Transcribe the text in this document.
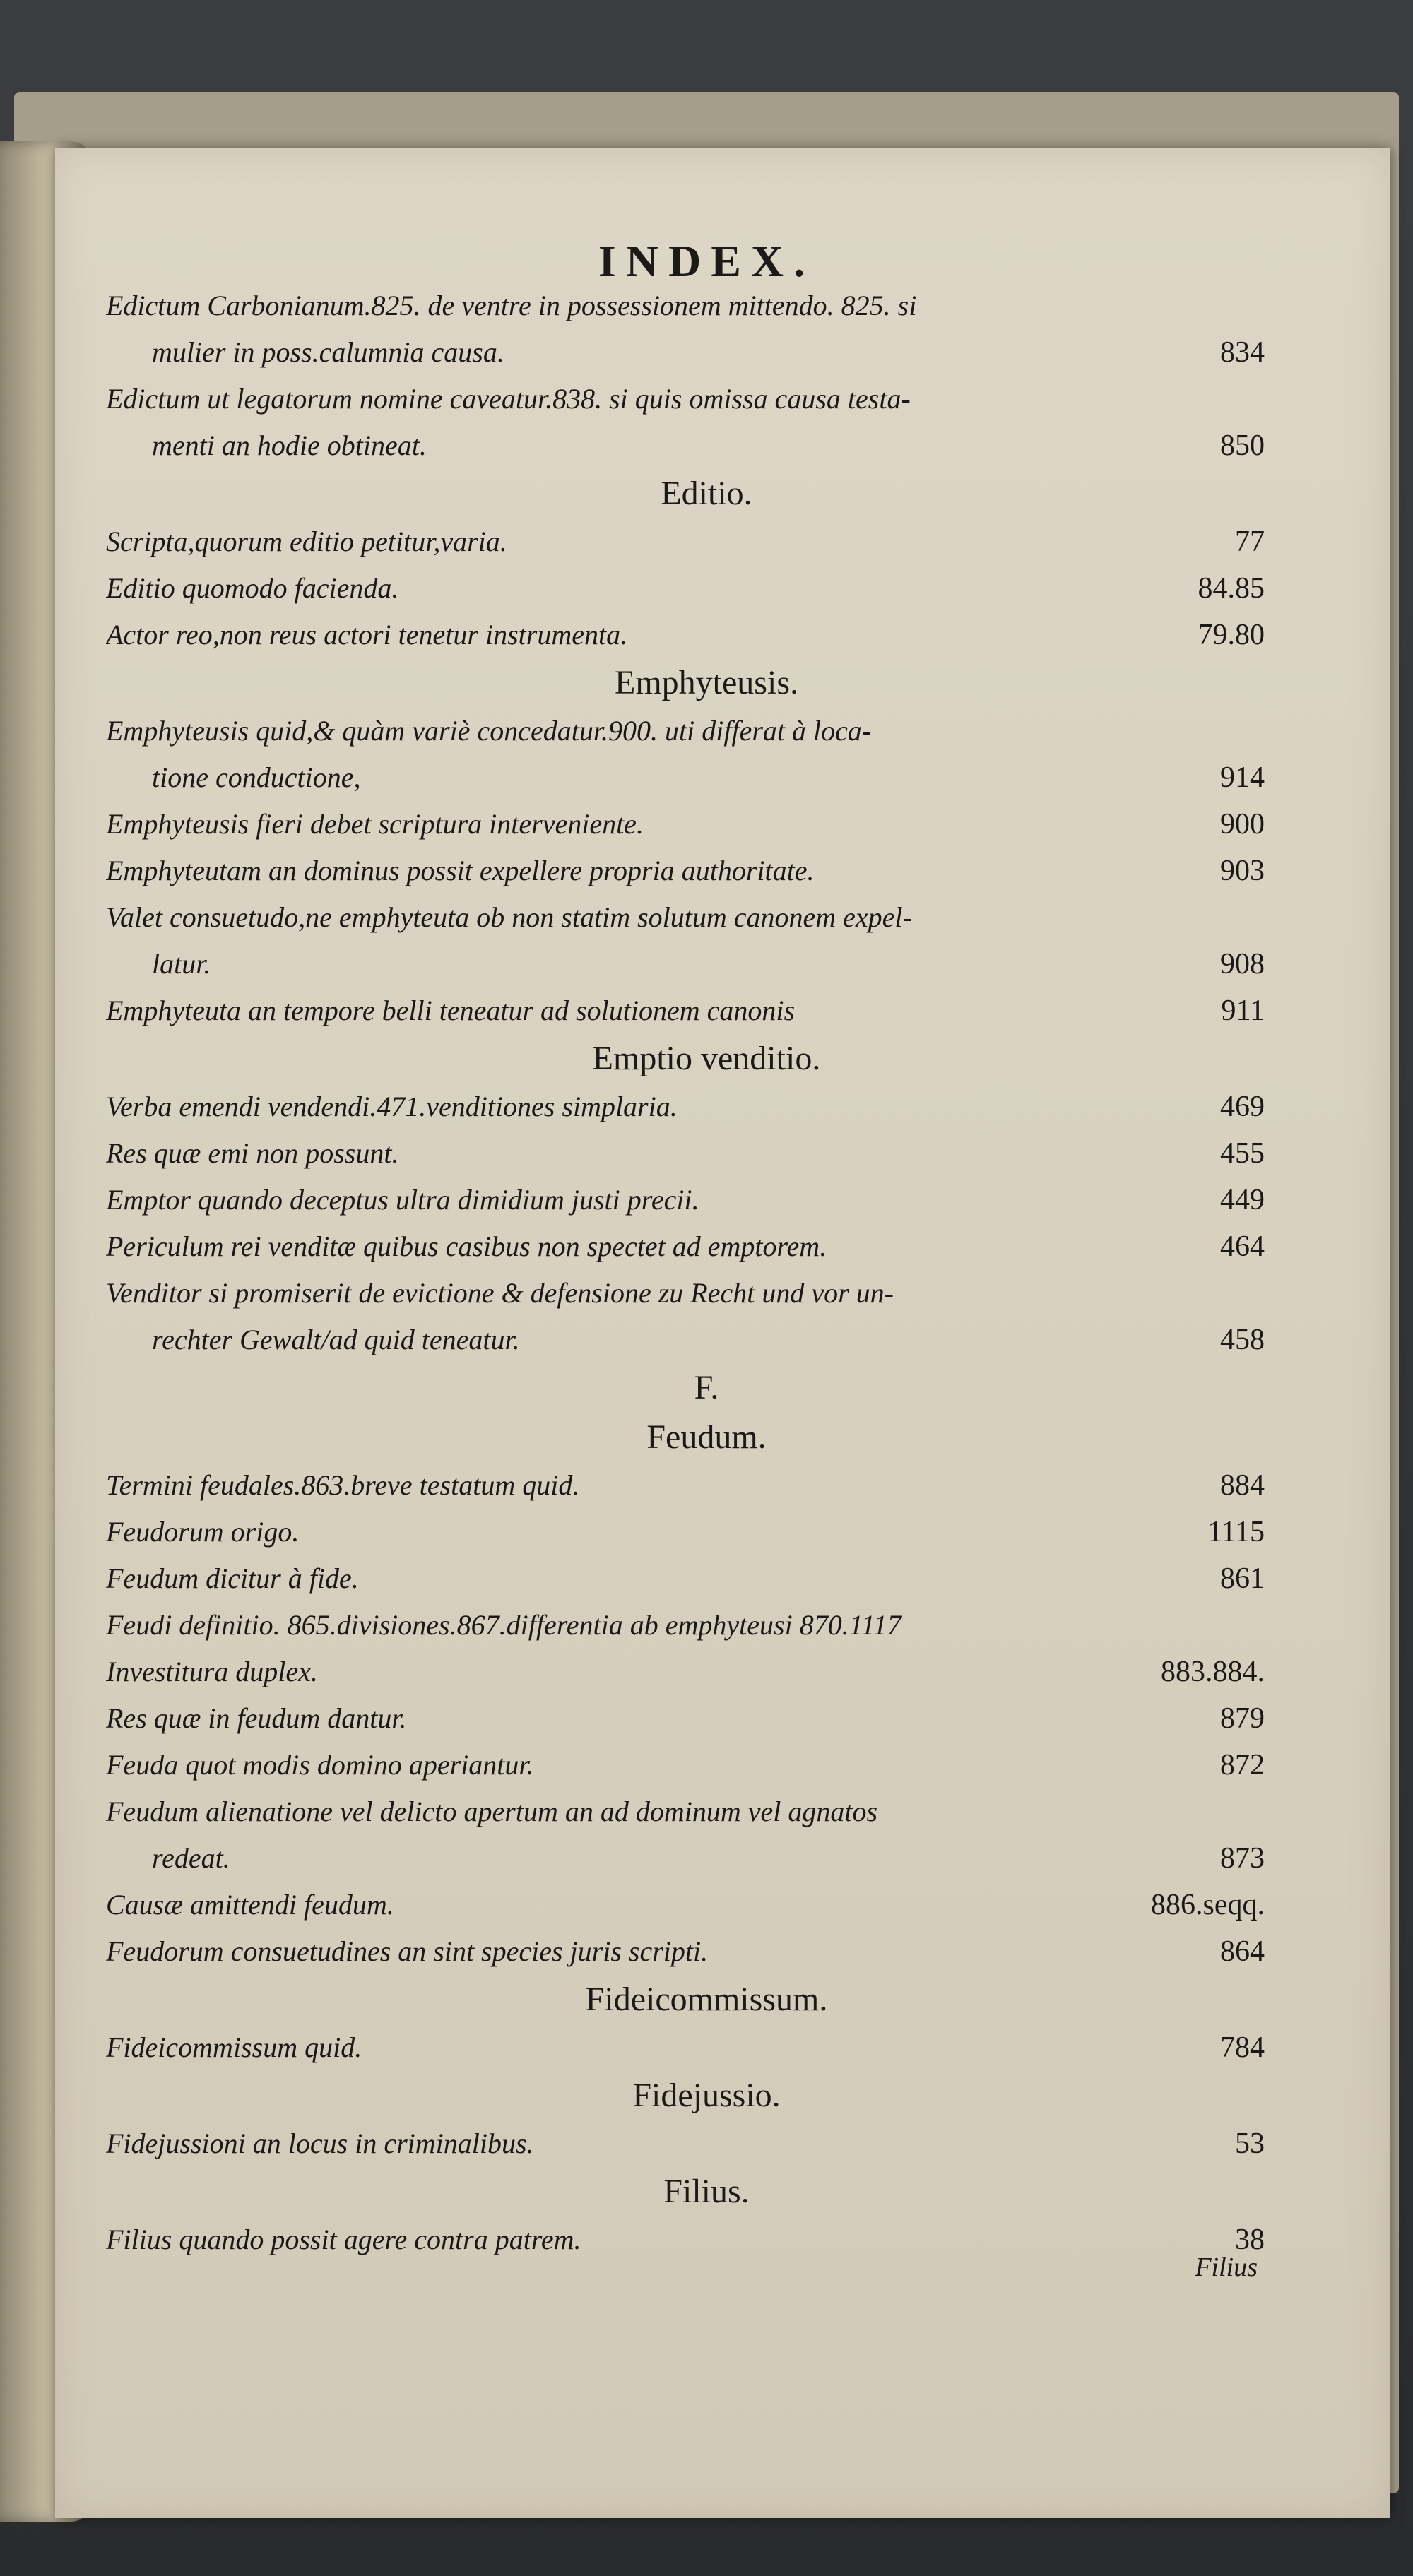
INDEX.
Edictum Carbonianum.825. de ventre in possessionem mittendo. 825. si
mulier in poss.calumnia causa.	834
Edictum ut legatorum nomine caveatur.838. si quis omissa causa testa-
menti an hodie obtineat.	850
Editio.
Scripta,quorum editio petitur,varia.	77
Editio quomodo facienda.	84.85
Actor reo,non reus actori tenetur instrumenta.	79.80
Emphyteusis.
Emphyteusis quid,& quàm variè concedatur.900. uti differat à loca-
tione conductione,	914
Emphyteusis fieri debet scriptura interveniente.	900
Emphyteutam an dominus possit expellere propria authoritate.	903
Valet consuetudo,ne emphyteuta ob non statim solutum canonem expel-
latur.	908
Emphyteuta an tempore belli teneatur ad solutionem canonis	911
Emptio venditio.
Verba emendi vendendi.471.venditiones simplaria.	469
Res quæ emi non possunt.	455
Emptor quando deceptus ultra dimidium justi precii.	449
Periculum rei venditæ quibus casibus non spectet ad emptorem.	464
Venditor si promiserit de evictione & defensione zu Recht und vor un-
rechter Gewalt/ad quid teneatur.	458
F.
Feudum.
Termini feudales.863.breve testatum quid.	884
Feudorum origo.	1115
Feudum dicitur à fide.	861
Feudi definitio. 865.divisiones.867.differentia ab emphyteusi 870.1117
Investitura duplex.	883.884.
Res quæ in feudum dantur.	879
Feuda quot modis domino aperiantur.	872
Feudum alienatione vel delicto apertum an ad dominum vel agnatos
redeat.	873
Causæ amittendi feudum.	886.seqq.
Feudorum consuetudines an sint species juris scripti.	864
Fideicommissum.
Fideicommissum quid.	784
Fidejussio.
Fidejussioni an locus in criminalibus.	53
Filius.
Filius quando possit agere contra patrem.	38
Filius
